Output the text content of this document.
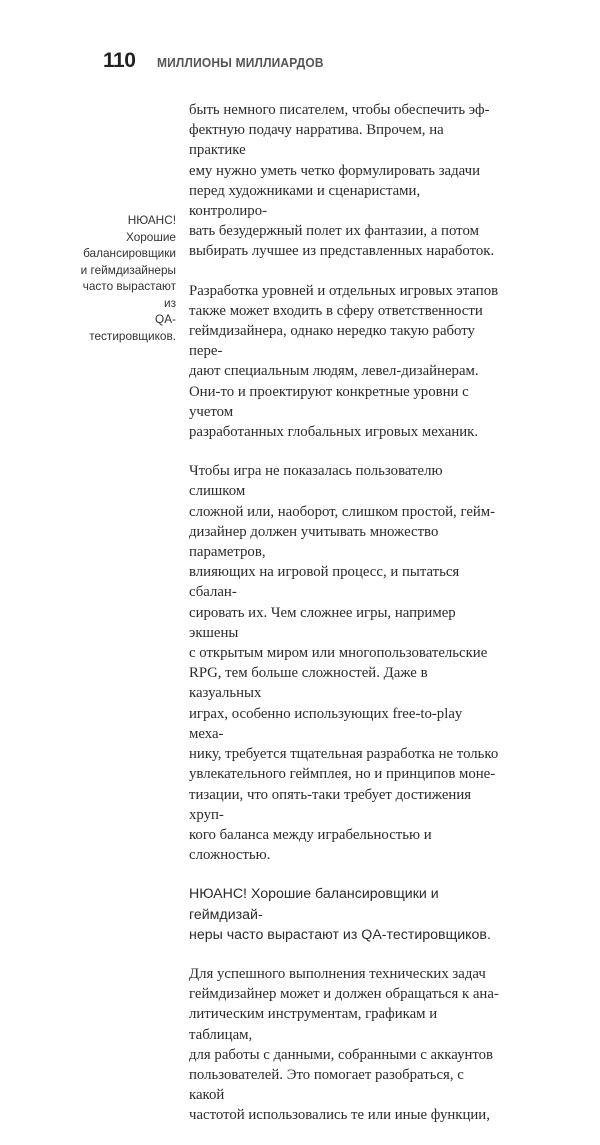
110 МИЛЛИОНЫ МИЛЛИАРДОВ
НЮАНС! Хорошие
балансировщики
и геймдизайнеры
часто вырастают из
QA-тестировщиков.

быть немного писателем, чтобы обеспечить эф-
фектную подачу нарратива. Впрочем, на практике
ему нужно уметь четко формулировать задачи
перед художниками и сценаристами, контролиро-
вать безудержный полет их фантазии, а потом
выбирать лучшее из представленных наработок.

Разработка уровней и отдельных игровых этапов
также может входить в сферу ответственности
геймдизайнера, однако нередко такую работу пере-
дают специальным людям, левел-дизайнерам.
Они-то и проектируют конкретные уровни с учетом
разработанных глобальных игровых механик.

Чтобы игра не показалась пользователю слишком
сложной или, наоборот, слишком простой, гейм-
дизайнер должен учитывать множество параметров,
влияющих на игровой процесс, и пытаться сбалан-
сировать их. Чем сложнее игры, например экшены
с открытым миром или многопользовательские
RPG, тем больше сложностей. Даже в казуальных
играх, особенно использующих free-to-play меха-
нику, требуется тщательная разработка не только
увлекательного геймплея, но и принципов моне-
тизации, что опять-таки требует достижения хруп-
кого баланса между играбельностью и сложностью.

НЮАНС! Хорошие балансировщики и геймдизай-
неры часто вырастают из QA-тестировщиков.

Для успешного выполнения технических задач
геймдизайнер может и должен обращаться к ана-
литическим инструментам, графикам и таблицам,
для работы с данными, собранными с аккаунтов
пользователей. Это помогает разобраться, с какой
частотой использовались те или иные функции,
